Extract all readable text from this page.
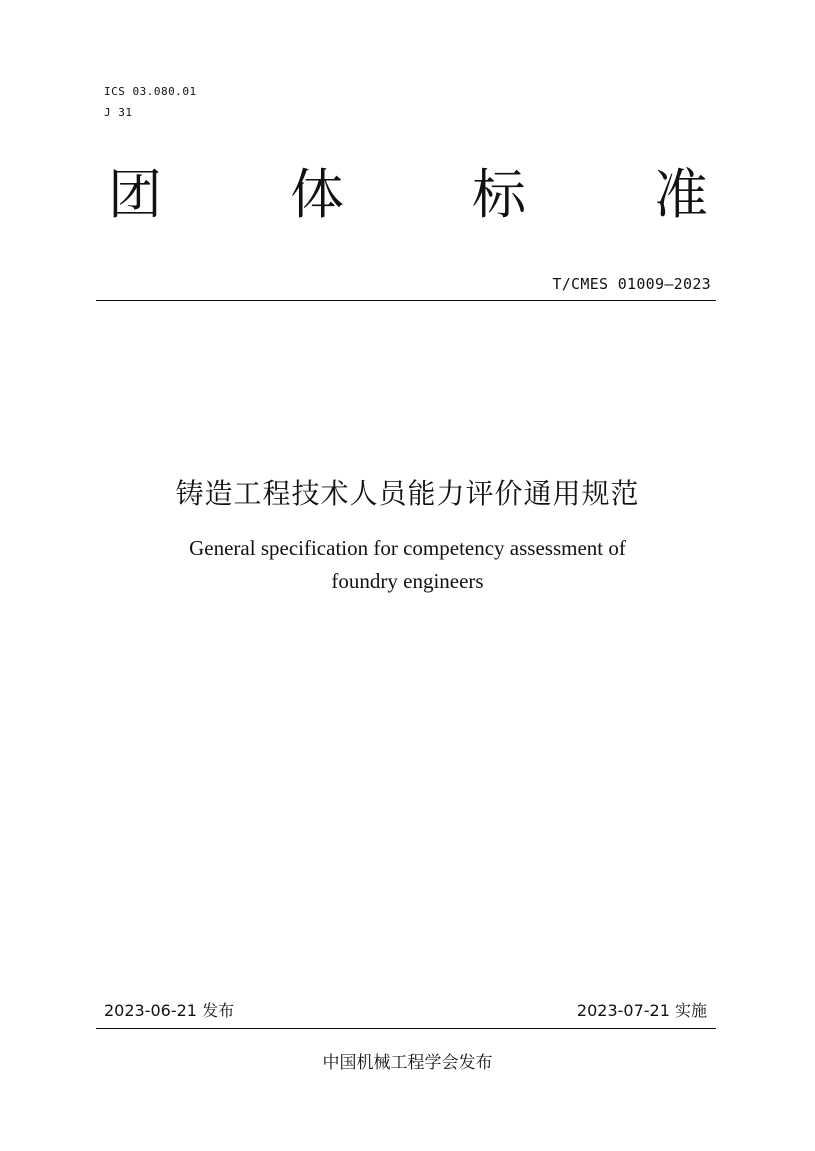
ICS 03.080.01
J 31
团 体 标 准
T/CMES 01009—2023
铸造工程技术人员能力评价通用规范
General specification for competency assessment of
foundry engineers
2023-06-21 发布	2023-07-21 实施
中国机械工程学会发布
